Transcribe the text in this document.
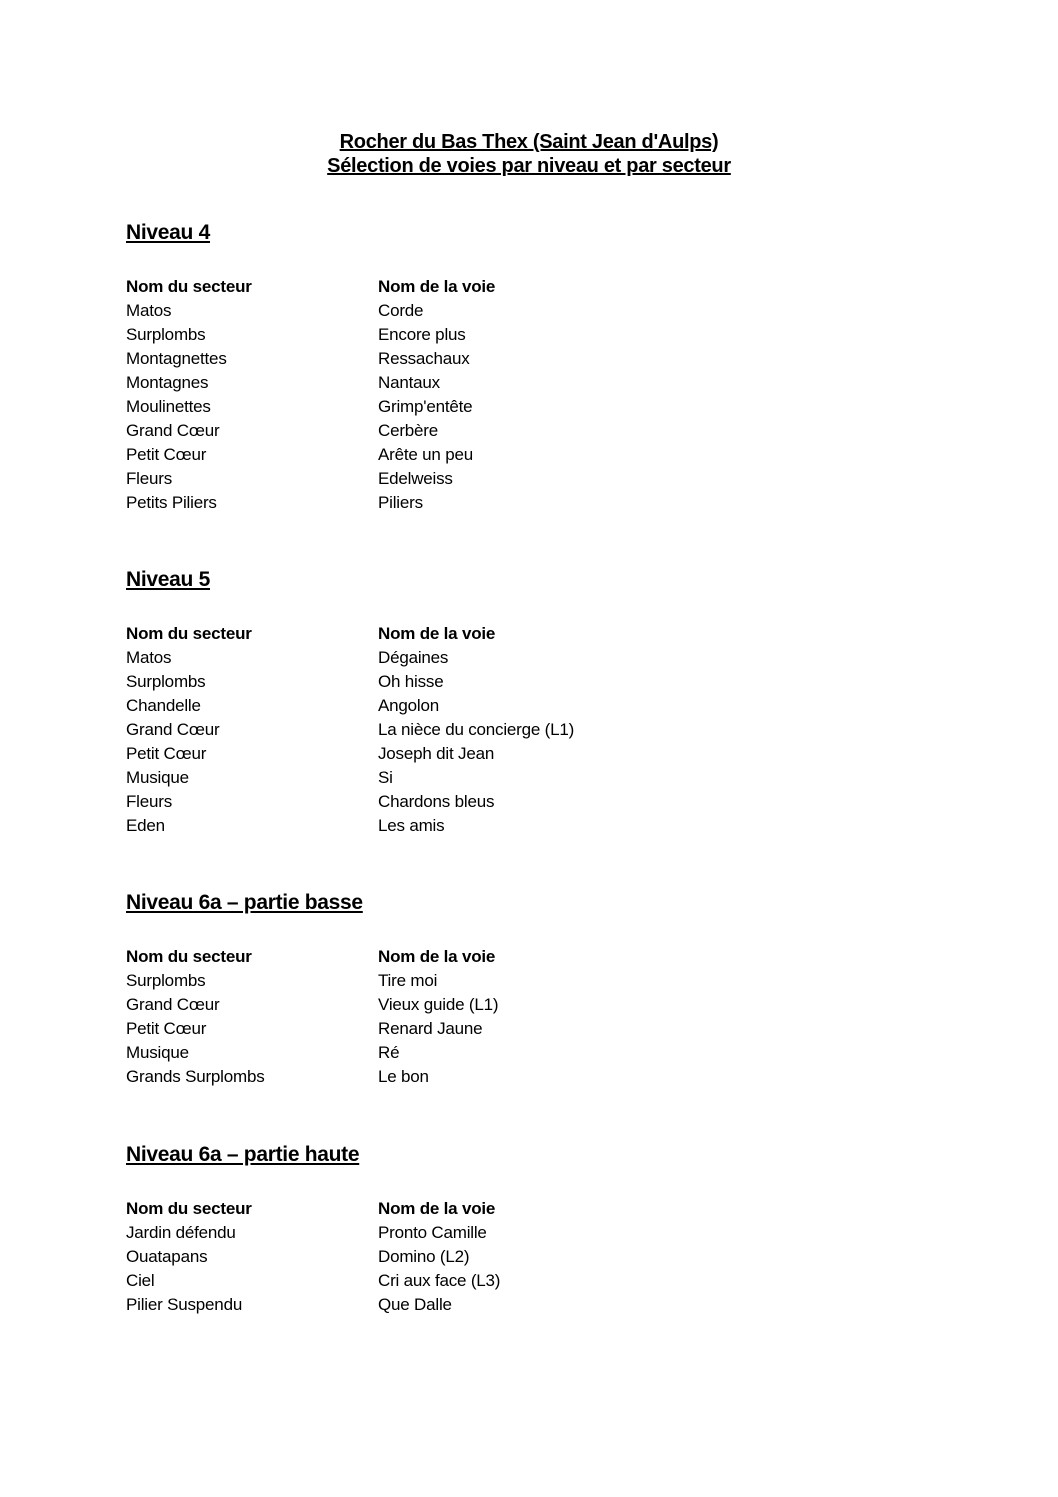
Rocher du Bas Thex (Saint Jean d'Aulps)
Sélection de voies par niveau et par secteur
Niveau 4
Nom du secteur	Nom de la voie
Matos	Corde
Surplombs	Encore plus
Montagnettes	Ressachaux
Montagnes	Nantaux
Moulinettes	Grimp'entête
Grand Cœur	Cerbère
Petit Cœur	Arête un peu
Fleurs	Edelweiss
Petits Piliers	Piliers
Niveau 5
Nom du secteur	Nom de la voie
Matos	Dégaines
Surplombs	Oh hisse
Chandelle	Angolon
Grand Cœur	La nièce du concierge (L1)
Petit Cœur	Joseph dit Jean
Musique	Si
Fleurs	Chardons bleus
Eden	Les amis
Niveau 6a – partie basse
Nom du secteur	Nom de la voie
Surplombs	Tire moi
Grand Cœur	Vieux guide (L1)
Petit Cœur	Renard Jaune
Musique	Ré
Grands Surplombs	Le bon
Niveau 6a – partie haute
Nom du secteur	Nom de la voie
Jardin défendu	Pronto Camille
Ouatapans	Domino (L2)
Ciel	Cri aux face (L3)
Pilier Suspendu	Que Dalle
